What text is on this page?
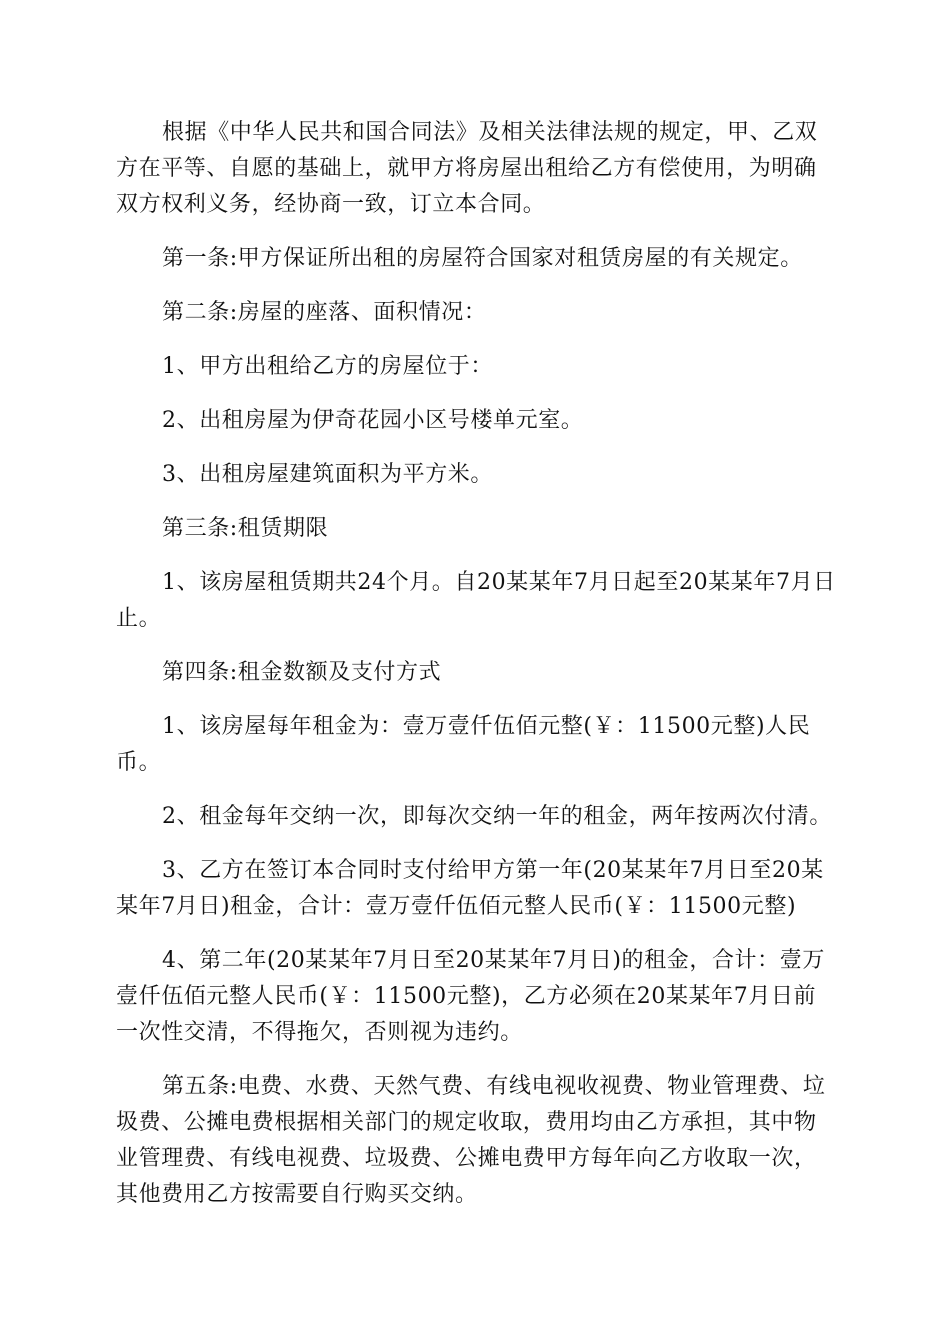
根据《中华人民共和国合同法》及相关法律法规的规定，甲、乙双方在平等、自愿的基础上，就甲方将房屋出租给乙方有偿使用，为明确双方权利义务，经协商一致，订立本合同。

第一条:甲方保证所出租的房屋符合国家对租赁房屋的有关规定。

第二条:房屋的座落、面积情况：

1、甲方出租给乙方的房屋位于：

2、出租房屋为伊奇花园小区号楼单元室。

3、出租房屋建筑面积为平方米。

第三条:租赁期限

1、该房屋租赁期共24个月。自20某某年7月日起至20某某年7月日止。

第四条:租金数额及支付方式

1、该房屋每年租金为：壹万壹仟伍佰元整(￥：11500元整)人民币。

2、租金每年交纳一次，即每次交纳一年的租金，两年按两次付清。

3、乙方在签订本合同时支付给甲方第一年(20某某年7月日至20某某年7月日)租金，合计：壹万壹仟伍佰元整人民币(￥：11500元整)

4、第二年(20某某年7月日至20某某年7月日)的租金，合计：壹万壹仟伍佰元整人民币(￥：11500元整)，乙方必须在20某某年7月日前一次性交清，不得拖欠，否则视为违约。

第五条:电费、水费、天然气费、有线电视收视费、物业管理费、垃圾费、公摊电费根据相关部门的规定收取，费用均由乙方承担，其中物业管理费、有线电视费、垃圾费、公摊电费甲方每年向乙方收取一次，其他费用乙方按需要自行购买交纳。
